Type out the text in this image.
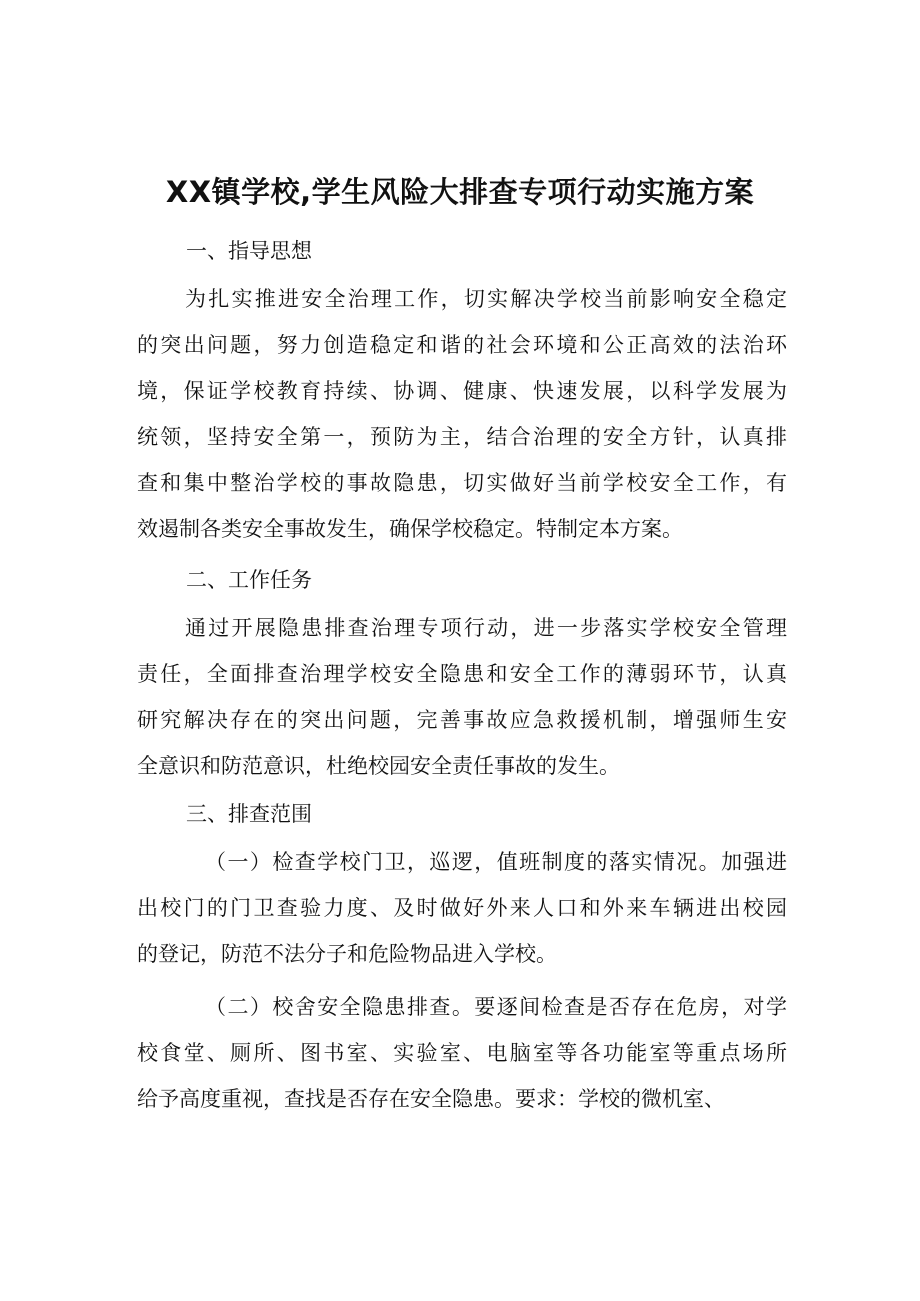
XX镇学校,学生风险大排查专项行动实施方案

一、指导思想

为扎实推进安全治理工作，切实解决学校当前影响安全稳定
的突出问题，努力创造稳定和谐的社会环境和公正高效的法治环
境，保证学校教育持续、协调、健康、快速发展，以科学发展为
统领，坚持安全第一，预防为主，结合治理的安全方针，认真排
查和集中整治学校的事故隐患，切实做好当前学校安全工作，有
效遏制各类安全事故发生，确保学校稳定。特制定本方案。

二、工作任务

通过开展隐患排查治理专项行动，进一步落实学校安全管理
责任，全面排查治理学校安全隐患和安全工作的薄弱环节，认真
研究解决存在的突出问题，完善事故应急救援机制，增强师生安
全意识和防范意识，杜绝校园安全责任事故的发生。

三、排查范围

（一）检查学校门卫，巡逻，值班制度的落实情况。加强进
出校门的门卫查验力度、及时做好外来人口和外来车辆进出校园
的登记，防范不法分子和危险物品进入学校。
（二）校舍安全隐患排查。要逐间检查是否存在危房，对学
校食堂、厕所、图书室、实验室、电脑室等各功能室等重点场所
给予高度重视，查找是否存在安全隐患。要求：学校的微机室、
